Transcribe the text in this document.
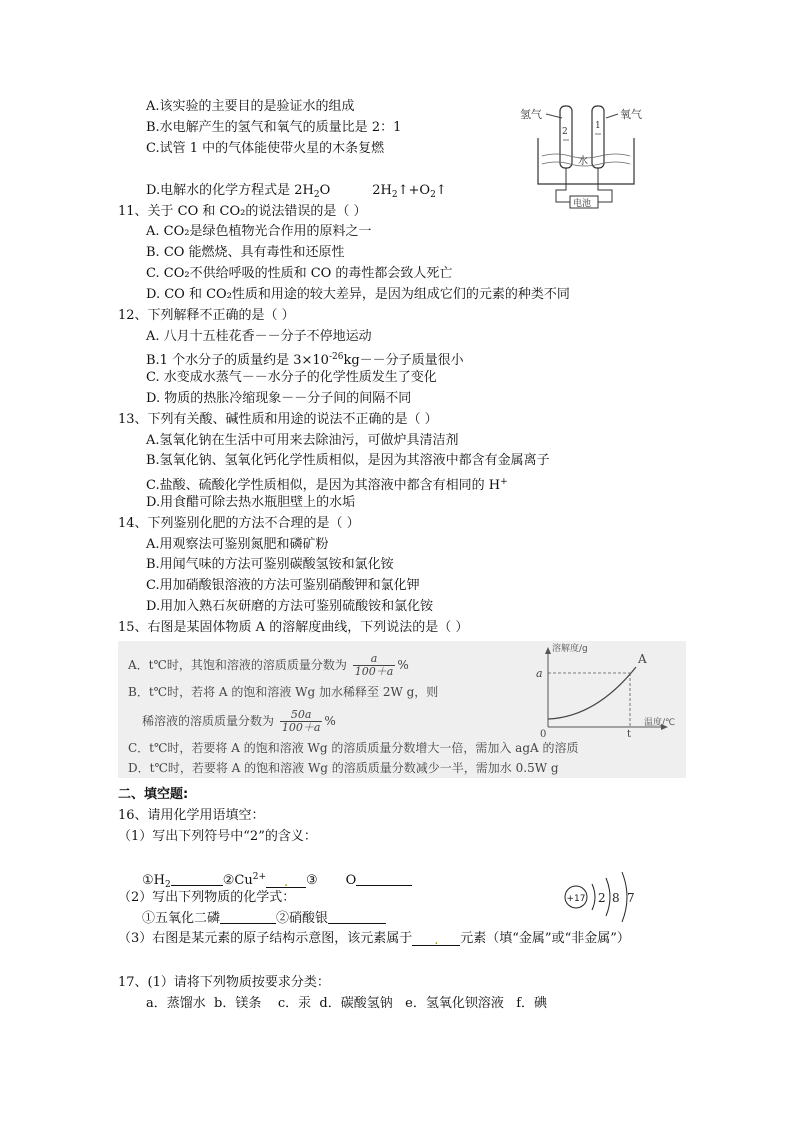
A.该实验的主要目的是验证水的组成
B.水电解产生的氢气和氧气的质量比是 2：1
C.试管 1 中的气体能使带火星的木条复燃
D.电解水的化学方程式是 $2H_2O$	$2H_2↑+O_2↑$
氢气	氧气
2
1
水
电池
11、关于 CO 和 CO₂的说法错误的是（ ）
A. CO₂是绿色植物光合作用的原料之一
B. CO 能燃烧、具有毒性和还原性
C. CO₂不供给呼吸的性质和 CO 的毒性都会致人死亡
D. CO 和 CO₂性质和用途的较大差异，是因为组成它们的元素的种类不同
12、下列解释不正确的是（ ）
A. 八月十五桂花香－－分子不停地运动
B.1 个水分子的质量约是 $3\times 10^{-26}kg--$分子质量很小
C. 水变成水蒸气－－水分子的化学性质发生了变化
D. 物质的热胀冷缩现象－－分子间的间隔不同
13、下列有关酸、碱性质和用途的说法不正确的是（ ）
A.氢氧化钠在生活中可用来去除油污，可做炉具清洁剂
B.氢氧化钠、氢氧化钙化学性质相似，是因为其溶液中都含有金属离子
C.盐酸、硫酸化学性质相似，是因为其溶液中都含有相同的 H+
D.用食醋可除去热水瓶胆壁上的水垢
14、下列鉴别化肥的方法不合理的是（ ）
A.用观察法可鉴别氮肥和磷矿粉
B.用闻气味的方法可鉴别碳酸氢铵和氯化铵
C.用加硝酸银溶液的方法可鉴别硝酸钾和氯化钾
D.用加入熟石灰研磨的方法可鉴别硫酸铵和氯化铵
15、右图是某固体物质 A 的溶解度曲线，下列说法的是（ ）
A．t℃时，其饱和溶液的溶质质量分数为 $\frac{a}{100+a}$ %
B．t℃时，若将 A 的饱和溶液 Wg 加水稀释至 2W g，则
稀溶液的溶质质量分数为 $\frac{50a}{100+a}$ %
C．t℃时，若要将 A 的饱和溶液 Wg 的溶质质量分数增大一倍，需加入 agA 的溶质
D．t℃时，若要将 A 的饱和溶液 Wg 的溶质质量分数减少一半，需加水 0.5W g
溶解度/g
温度/℃
A
a
t
0
二、填空题:
16、请用化学用语填空：
（1）写出下列符号中“2”的含义：
$①H_2$	$②Cu^{2+}$ . ③ O
（2）写出下列物质的化学式：
①五氧化二磷	②硝酸银
（3）右图是某元素的原子结构示意图，该元素属于 . 元素（填“金属”或“非金属”）
+17 2 8 7
17、(1）请将下列物质按要求分类：
a．蒸馏水  b．镁条    c．汞  d．碳酸氢钠   e．氢氧化钡溶液   f．碘
